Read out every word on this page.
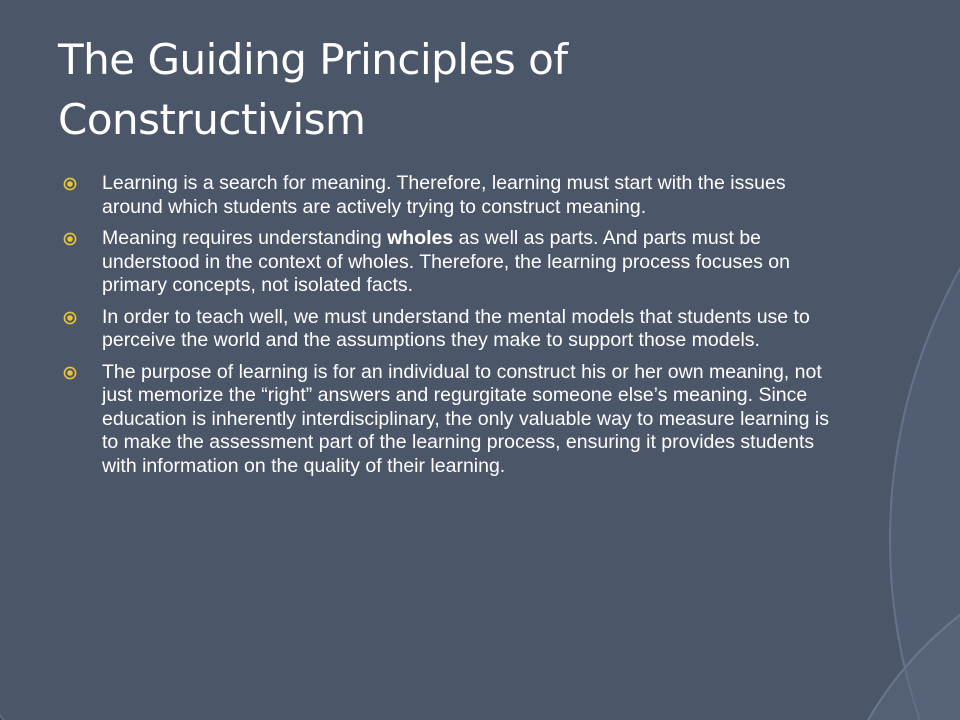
The Guiding Principles of Constructivism
Learning is a search for meaning. Therefore, learning must start with the issues around which students are actively trying to construct meaning.
Meaning requires understanding wholes as well as parts. And parts must be understood in the context of wholes. Therefore, the learning process focuses on primary concepts, not isolated facts.
In order to teach well, we must understand the mental models that students use to perceive the world and the assumptions they make to support those models.
The purpose of learning is for an individual to construct his or her own meaning, not just memorize the “right” answers and regurgitate someone else’s meaning. Since education is inherently interdisciplinary, the only valuable way to measure learning is to make the assessment part of the learning process, ensuring it provides students with information on the quality of their learning.
